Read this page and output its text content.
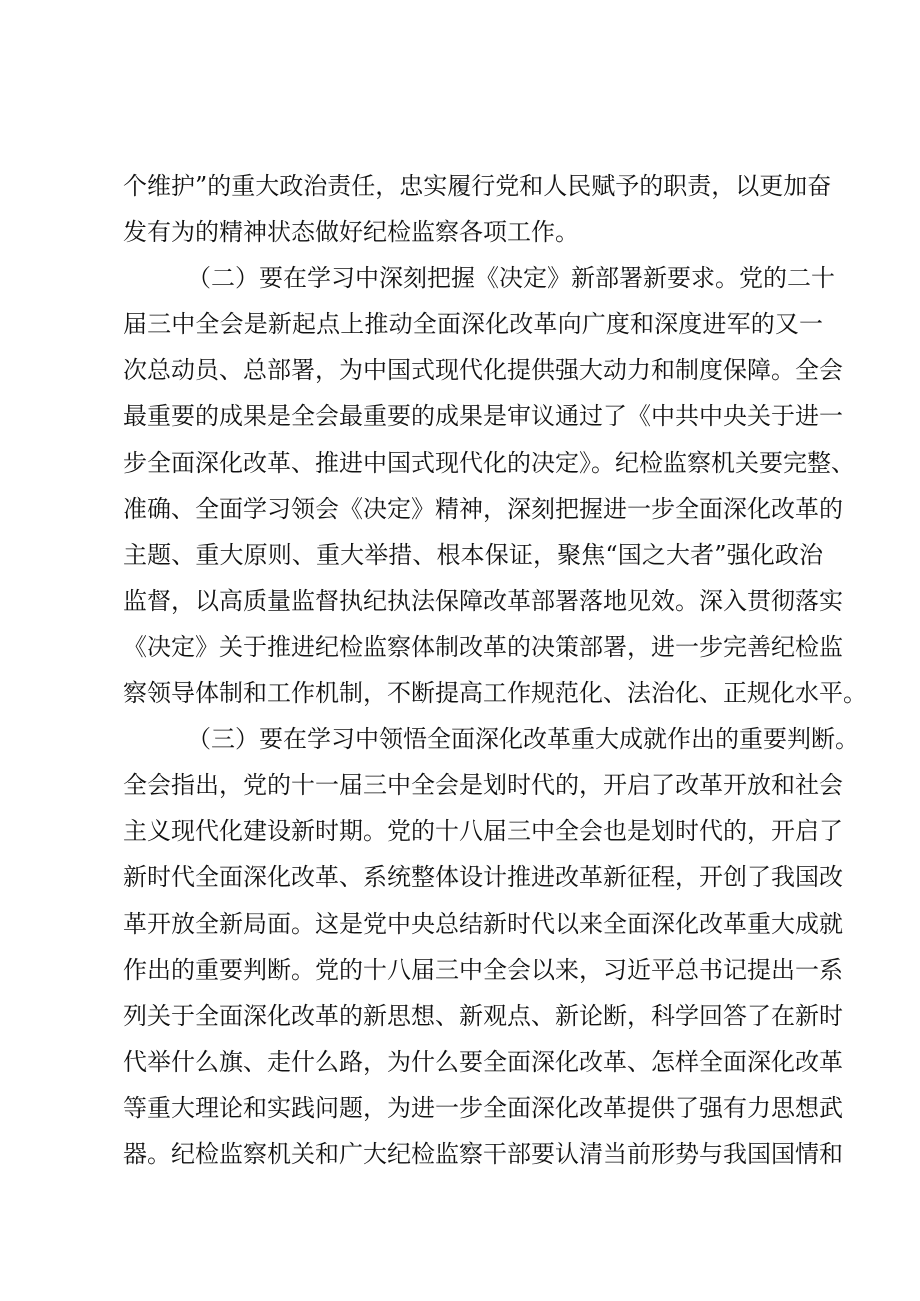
个维护”的重大政治责任，忠实履行党和人民赋予的职责，以更加奋
发有为的精神状态做好纪检监察各项工作。
（二）要在学习中深刻把握《决定》新部署新要求。党的二十
届三中全会是新起点上推动全面深化改革向广度和深度进军的又一
次总动员、总部署，为中国式现代化提供强大动力和制度保障。全会
最重要的成果是全会最重要的成果是审议通过了《中共中央关于进一
步全面深化改革、推进中国式现代化的决定》。纪检监察机关要完整、
准确、全面学习领会《决定》精神，深刻把握进一步全面深化改革的
主题、重大原则、重大举措、根本保证，聚焦“国之大者”强化政治
监督，以高质量监督执纪执法保障改革部署落地见效。深入贯彻落实
《决定》关于推进纪检监察体制改革的决策部署，进一步完善纪检监
察领导体制和工作机制，不断提高工作规范化、法治化、正规化水平。
（三）要在学习中领悟全面深化改革重大成就作出的重要判断。
全会指出，党的十一届三中全会是划时代的，开启了改革开放和社会
主义现代化建设新时期。党的十八届三中全会也是划时代的，开启了
新时代全面深化改革、系统整体设计推进改革新征程，开创了我国改
革开放全新局面。这是党中央总结新时代以来全面深化改革重大成就
作出的重要判断。党的十八届三中全会以来，习近平总书记提出一系
列关于全面深化改革的新思想、新观点、新论断，科学回答了在新时
代举什么旗、走什么路，为什么要全面深化改革、怎样全面深化改革
等重大理论和实践问题，为进一步全面深化改革提供了强有力思想武
器。纪检监察机关和广大纪检监察干部要认清当前形势与我国国情和
